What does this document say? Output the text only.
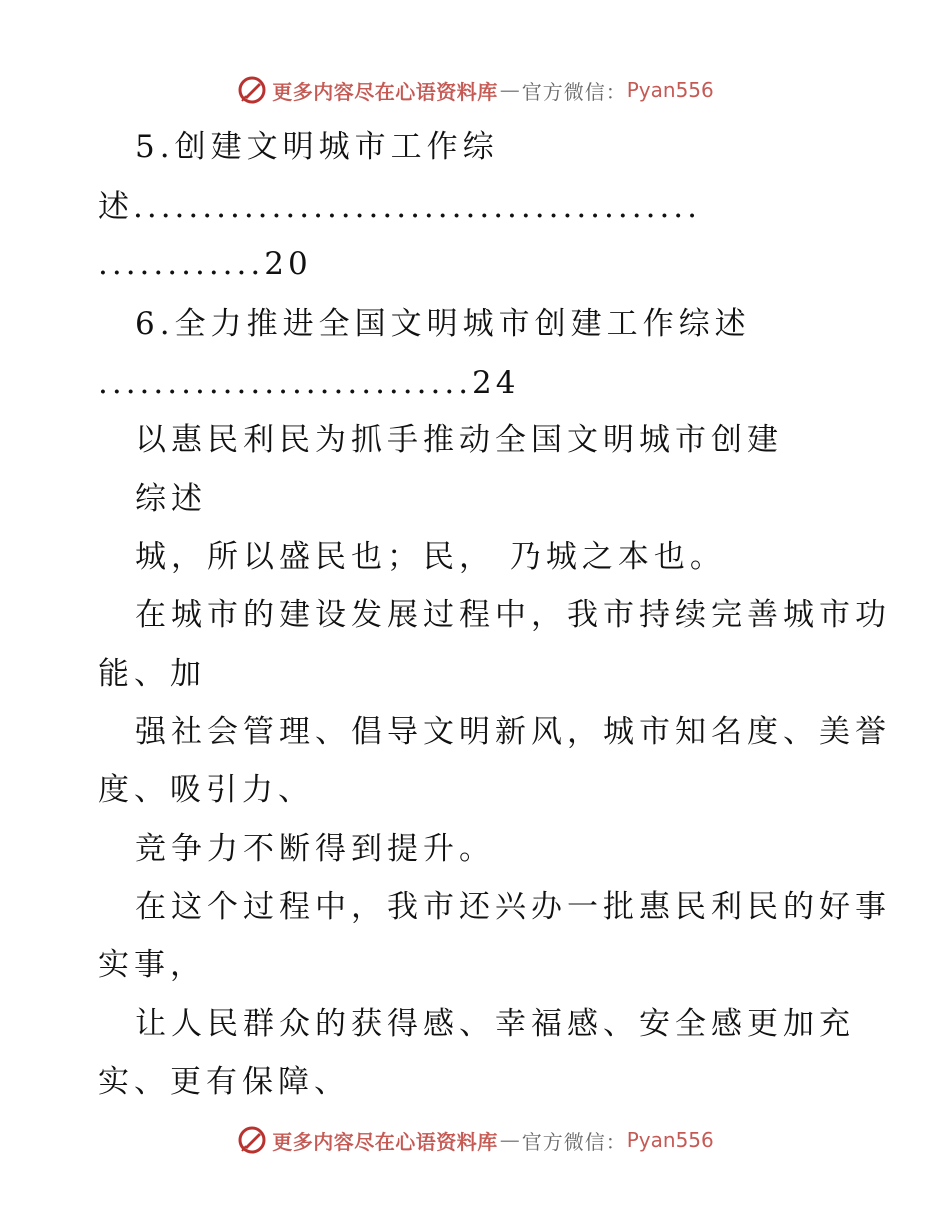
更多内容尽在心语资料库 — 官方微信： Pyan556
5.创建文明城市工作综
述.........................................
............20
6.全力推进全国文明城市创建工作综述
...........................24
以惠民利民为抓手推动全国文明城市创建
综述
城，所以盛民也；民， 乃城之本也。
在城市的建设发展过程中，我市持续完善城市功
能、加
强社会管理、倡导文明新风，城市知名度、美誉
度、吸引力、
竞争力不断得到提升。
在这个过程中，我市还兴办一批惠民利民的好事
实事，
让人民群众的获得感、幸福感、安全感更加充
实、更有保障、
更多内容尽在心语资料库 — 官方微信： Pyan556
